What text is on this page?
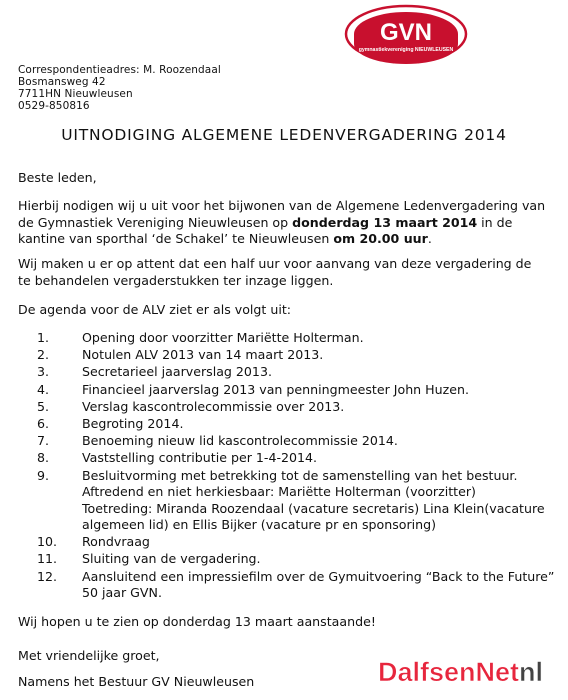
GVN
gymnastiekvereniging NIEUWLEUSEN
Correspondentieadres: M. Roozendaal
Bosmansweg 42
7711HN Nieuwleusen
0529-850816
UITNODIGING ALGEMENE LEDENVERGADERING 2014

Beste leden,

Hierbij nodigen wij u uit voor het bijwonen van de Algemene Ledenvergadering van de Gymnastiek Vereniging Nieuwleusen op donderdag 13 maart 2014 in de kantine van sporthal ‘de Schakel’ te Nieuwleusen om 20.00 uur.

Wij maken u er op attent dat een half uur voor aanvang van deze vergadering de te behandelen vergaderstukken ter inzage liggen.

De agenda voor de ALV ziet er als volgt uit:

1.	Opening door voorzitter Mariëtte Holterman.
2.	Notulen ALV 2013 van 14 maart 2013.
3.	Secretarieel jaarverslag 2013.
4.	Financieel jaarverslag 2013 van penningmeester John Huzen.
5.	Verslag kascontrolecommissie over 2013.
6.	Begroting 2014.
7.	Benoeming nieuw lid kascontrolecommissie 2014.
8.	Vaststelling contributie per 1-4-2014.
9.	Besluitvorming met betrekking tot de samenstelling van het bestuur.
Aftredend en niet herkiesbaar: Mariëtte Holterman (voorzitter)
Toetreding: Miranda Roozendaal (vacature secretaris) Lina Klein(vacature algemeen lid) en Ellis Bijker (vacature pr en sponsoring)
10. Rondvraag
11. Sluiting van de vergadering.
12. Aansluitend een impressiefilm over de Gymuitvoering “Back to the Future” 50 jaar GVN.

Wij hopen u te zien op donderdag 13 maart aanstaande!

Met vriendelijke groet,

Namens het Bestuur GV Nieuwleusen	DalfsenNetnl
